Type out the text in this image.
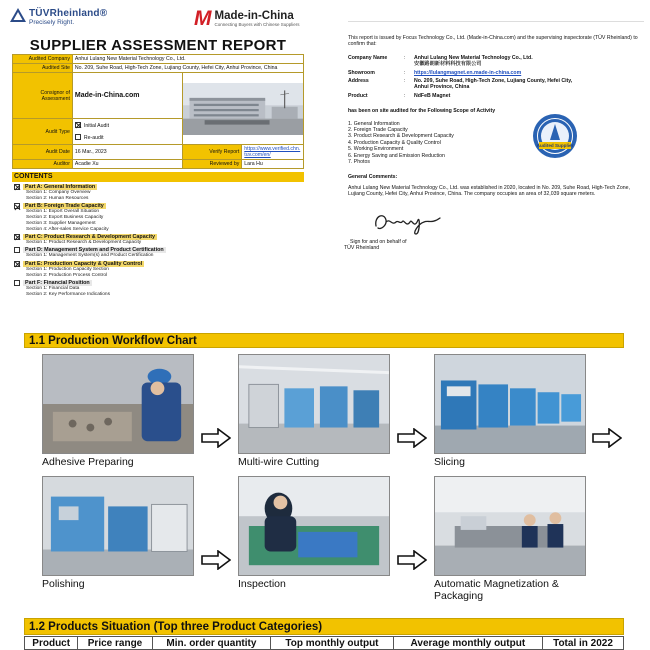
TÜVRheinland®
Precisely Right.	M Made-in-China
Connecting Buyers with Chinese Suppliers
SUPPLIER ASSESSMENT REPORT
Audited Company	Anhui Lulang New Material Technology Co., Ltd.		
Audited Site	No. 209, Suhe Road, High-Tech Zone, Lujiang County, Hefei City, Anhui Province, China		
Consignor of Assessment	Made-in-China.com	

Audit Type	Initial Audit
Re-audit		

Audit Date	16 Mar., 2023	Verify Report	https://www.verified.chn.tuv.com/en/
Auditor	Acadie Xu	Reviewed by	Lara Hu
CONTENTS
Part A: General Information
Section 1: Company Overview
Section 2: Human Resources
Part B: Foreign Trade Capacity
Section 1: Export Overall Situation
Section 2: Export Business Capacity
Section 3: Supplier Management
Section 4: After-sales Service Capacity
Part C: Product Research & Development Capacity
Section 1: Product Research & Development Capacity
Part D: Management System and Product Certification
Section 1: Management System(s) and Product Certification
Part E: Production Capacity & Quality Control
Section 1: Production Capacity Section
Section 2: Production Process Control
Part F: Financial Position
Section 1: Financial Data
Section 2: Key Performance Indications
This report is issued by Focus Technology Co., Ltd. (Made-in-China.com) and the supervising inspectorate (TÜV Rheinland) to confirm that:
Company Name	:	Anhui Lulang New Material Technology Co., Ltd.
安徽路朗新材料科技有限公司

Showroom	:	https://lulangmagnet.en.made-in-china.com
Address	:	No. 209, Suhe Road, High-Tech Zone, Lujiang County, Hefei City, Anhui Province, China
Product	:	NdFeB Magnet
has been on site audited for the Following Scope of Activity
1. General Information
2. Foreign Trade Capacity
3. Product Research & Development Capacity
4. Production Capacity & Quality Control
5. Working Environment
6. Energy Saving and Emission Reduction
7. Photos
Audited Supplier
General Comments:
Anhui Lulang New Material Technology Co., Ltd. was established in 2020, located in No. 209, Suhe Road, High-Tech Zone, Lujiang County, Hefei City, Anhui Province, China. The company occupies an area of 32,039 square meters.
Sign for and on behalf of
TÜV Rheinland
1.1 Production Workflow Chart
Adhesive Preparing	Multi-wire Cutting	Slicing
Polishing	Inspection	Automatic Magnetization & Packaging
1.2 Products Situation (Top three Product Categories)
Product	Price range	Min. order quantity	Top monthly output	Average monthly output	Total in 2022
